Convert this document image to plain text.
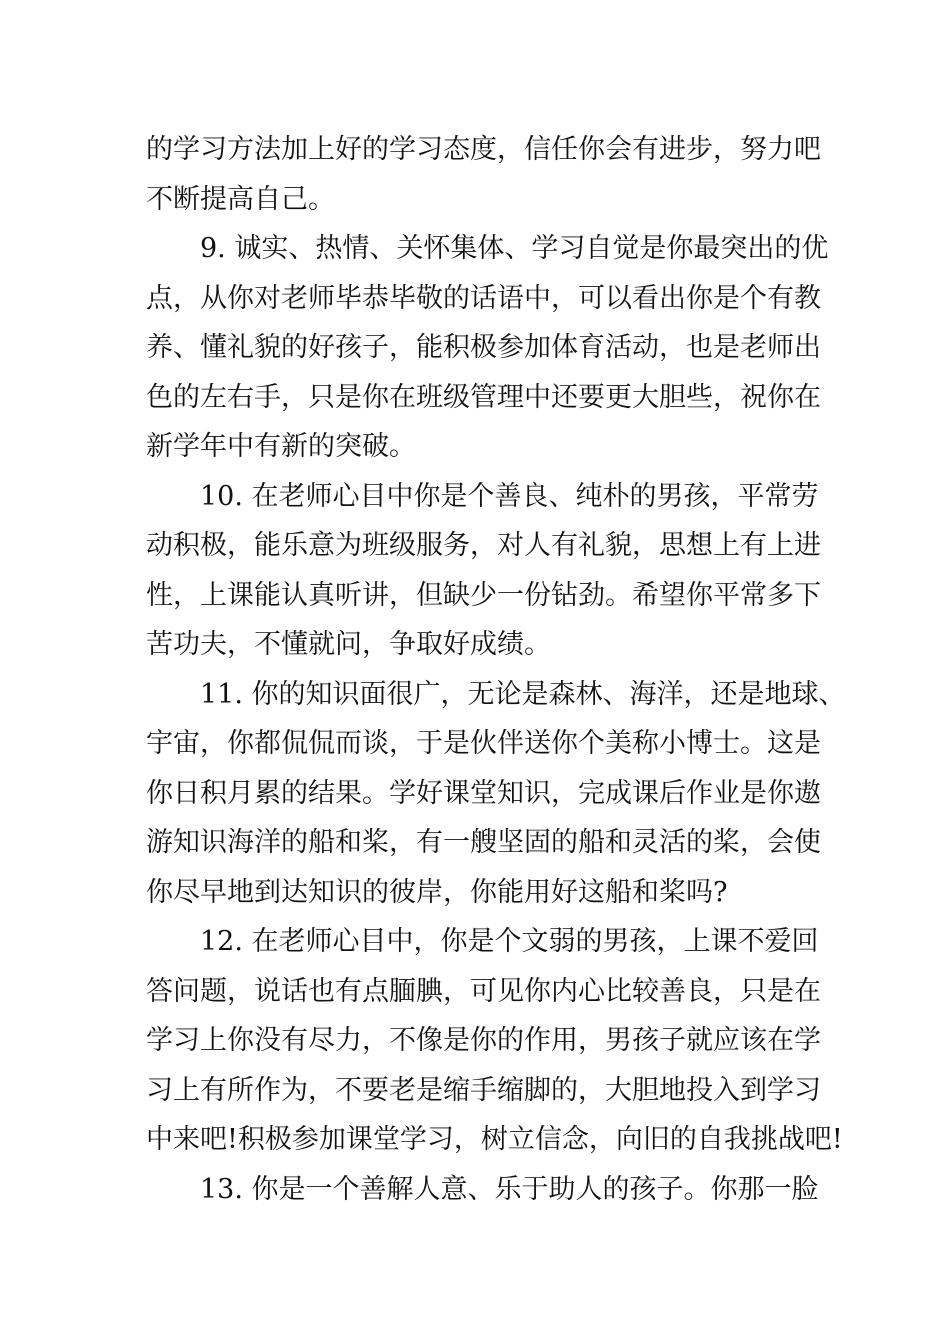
的学习方法加上好的学习态度，信任你会有进步，努力吧
不断提高自己。
9. 诚实、热情、关怀集体、学习自觉是你最突出的优
点，从你对老师毕恭毕敬的话语中，可以看出你是个有教
养、懂礼貌的好孩子，能积极参加体育活动，也是老师出
色的左右手，只是你在班级管理中还要更大胆些，祝你在
新学年中有新的突破。
10. 在老师心目中你是个善良、纯朴的男孩，平常劳
动积极，能乐意为班级服务，对人有礼貌，思想上有上进
性，上课能认真听讲，但缺少一份钻劲。希望你平常多下
苦功夫，不懂就问，争取好成绩。
11. 你的知识面很广，无论是森林、海洋，还是地球、
宇宙，你都侃侃而谈，于是伙伴送你个美称小博士。这是
你日积月累的结果。学好课堂知识，完成课后作业是你遨
游知识海洋的船和桨，有一艘坚固的船和灵活的桨，会使
你尽早地到达知识的彼岸，你能用好这船和桨吗?
12. 在老师心目中，你是个文弱的男孩，上课不爱回
答问题，说话也有点腼腆，可见你内心比较善良，只是在
学习上你没有尽力，不像是你的作用，男孩子就应该在学
习上有所作为，不要老是缩手缩脚的，大胆地投入到学习
中来吧!积极参加课堂学习，树立信念，向旧的自我挑战吧!
13. 你是一个善解人意、乐于助人的孩子。你那一脸
